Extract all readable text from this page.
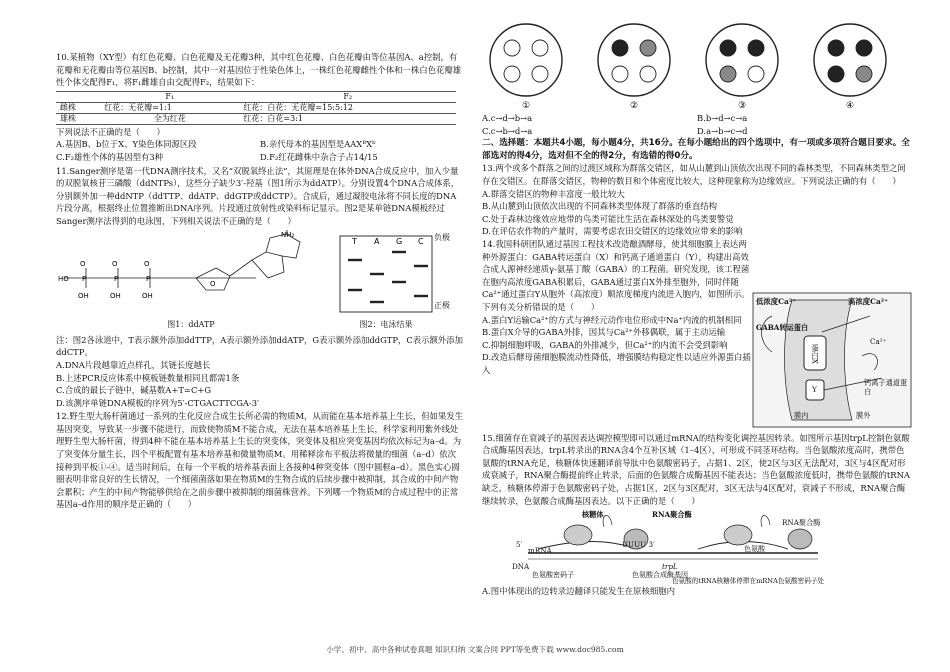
10.某植物（XY型）有红色花瓣、白色花瓣及无花瓣3种，其中红色花瓣、白色花瓣由等位基因A、a控制，有花瓣和无花瓣由等位基因B、b控制，其中一对基因位于性染色体上，一株红色花瓣雌性个体和一株白色花瓣雄性个体交配得F₁，将F₁雌雄自由交配得F₂，结果如下：

	F₁	F₂
雌株	红花：无花瓣=1:1	红花：白花：无花瓣=15:5:12
雄株	全为红花	红花：白花=3:1

下列说法不正确的是（　　）

A.基因B、b位于X、Y染色体同源区段	B.亲代母本的基因型是AAXᴮXᵇ
C.F₂雄性个体的基因型有3种	D.F₂红花雌株中杂合子占14/15

11.Sanger测序是第一代DNA测序技术，又名“双脱氧终止法”，其原理是在体外DNA合成反应中，加入少量的双脱氧核苷三磷酸（ddNTPs），这些分子缺少3′-羟基（图1所示为ddATP）。分别设置4个DNA合成体系，分别额外加一种ddNTP（ddTTP、ddATP、ddGTP或ddCTP）。合成后，通过凝胶电泳将不同长度的DNA片段分离，根据终止位置推断出DNA序列。片段通过放射性或染料标记显示。图2是某单链DNA模板经过Sanger测序法得到的电泳图，下列相关说法不正确的是（　　）

O	O	O
P	P	P
HO
OH	OH	OH
NH₂
O
图1：ddATP
T A G C 负极
正极
图2：电泳结果

注：图2各泳道中，T表示额外添加ddTTP，A表示额外添加ddATP，G表示额外添加ddGTP，C表示额外添加ddCTP。

A.DNA片段越靠近点样孔，其链长度越长

B.上述PCR反应体系中模板链数量相同且都需1条

C.合成的最长子链中，碱基数A+T=C+G

D.该测序单链DNA模板的序列为5′-CTGACTTCGA-3′

12.野生型大肠杆菌通过一系列的生化反应合成生长所必需的物质M，从而能在基本培养基上生长，但如果发生基因突变，导致某一步骤不能进行，而致使物质M不能合成，无法在基本培养基上生长，科学家利用紫外线处理野生型大肠杆菌，得到4种不能在基本培养基上生长的突变体，突变体及相应突变基因均依次标记为a–d。为了突变体分量生长，四个平板配置有基本培养基和微量物质M。用稀释涂布平板法将微量的细菌（a–d）依次接种到平板①-④。适当时间后，在每一个平板的培养基表面上各接种4种突变体（图中圆框a–d）。黑色实心圆圈表明非常良好的生长情况，一个细菌菌落如果在物质M的生物合成的后续步骤中被抑制，其合成的中间产物会累积；产生的中间产物能够供给在之前步骤中被抑制的细菌株营养。下列哪一个物质M的合成过程中的正常基因a–d作用的顺序是正确的（　　）

①	②	③	④
A.c→d→b→a	B.b→d→c→a
C.c→b→d→a	D.a→b→c→d

二、选择题：本题共4小题，每小题4分，共16分。在每小题给出的四个选项中，有一项或多项符合题目要求。全部选对的得4分，选对但不全的得2分，有选错的得0分。

13.两个或多个群落之间的过渡区域称为群落交错区，如从山麓到山顶依次出现不同的森林类型，不同森林类型之间存在交错区。在群落交错区，物种的数目和个体密度比较大，这种现象称为边缘效应。下列说法正确的有（　　）

A.群落交错区的物种丰富度一般比较大

B.从山麓到山顶依次出现的不同森林类型体现了群落的垂直结构

C.处于森林边缘效应地带的鸟类可能比生活在森林深处的鸟类要警觉

D.在评估农作物的产量时，需要考虑农田交错区的边缘效应带来的影响

14.我国科研团队通过基因工程技术改造酿酒酵母，使其细胞膜上表达两种外源蛋白：GABA转运蛋白（X）和钙离子通道蛋白（Y），构建出高效合成人源神经递质γ-氨基丁酸（GABA）的工程菌。研究发现，该工程菌在胞内高浓度GABA积累后，GABA通过蛋白X外排至胞外，同时伴随Ca²⁺通过蛋白Y从胞外（高浓度）顺浓度梯度内流进入胞内，如图所示。下列有关分析错误的是（　　）

A.蛋白Y运输Ca²⁺的方式与神经元动作电位形成中Na⁺内流的机制相同

B.蛋白X介导的GABA外排，因其与Ca²⁺外移偶联，属于主动运输

C.抑制细胞呼吸，GABA的外排减少，但Ca²⁺的内流不会受到影响

D.改造后酵母菌细胞膜流动性降低，增强膜结构稳定性以适应外源蛋白插入

低浓度Ca²⁺	高浓度Ca²⁺
GABA转运蛋白
蛋白X
Y
Ca²⁺
钙离子通道蛋白
膜内	膜外

15.细菌存在衰减子的基因表达调控模型即可以通过mRNA的结构变化调控基因转录。如图所示基因trpL控制色氨酸合成酶基因表达，trpL转录出的RNA含4个互补区域（1–4区），可形成不同茎环结构。当色氨酸浓度高时，携带色氨酸的tRNA充足，核糖体快速翻译前导肽中色氨酸密码子，占据1、2区，使2区与3区无法配对，3区与4区配对形成衰减子，RNA聚合酶提前终止转录，后面的色氨酸合成酶基因不能表达；当色氨酸浓度低时，携带色氨酸的tRNA缺乏，核糖体停滞于色氨酸密码子处，占据1区，2区与3区配对，3区无法与4区配对，衰减子不形成，RNA聚合酶继续转录，色氨酸合成酶基因表达。以下正确的是（　　）

核糖体	RNA聚合酶
5′
mRNA
DNA
UUUU 3′
trpL
色氨酸密码子	色氨酸合成酶基因
RNA聚合酶
色氨酸
色氨酸的tRNA核糖体停滞在mRNA色氨酸密码子处

A.图中体现出的边转录边翻译只能发生在原核细胞内

小学、初中、高中各种试卷真题 知识归纳 文案合同 PPT等免费下载 www.doc985.com
